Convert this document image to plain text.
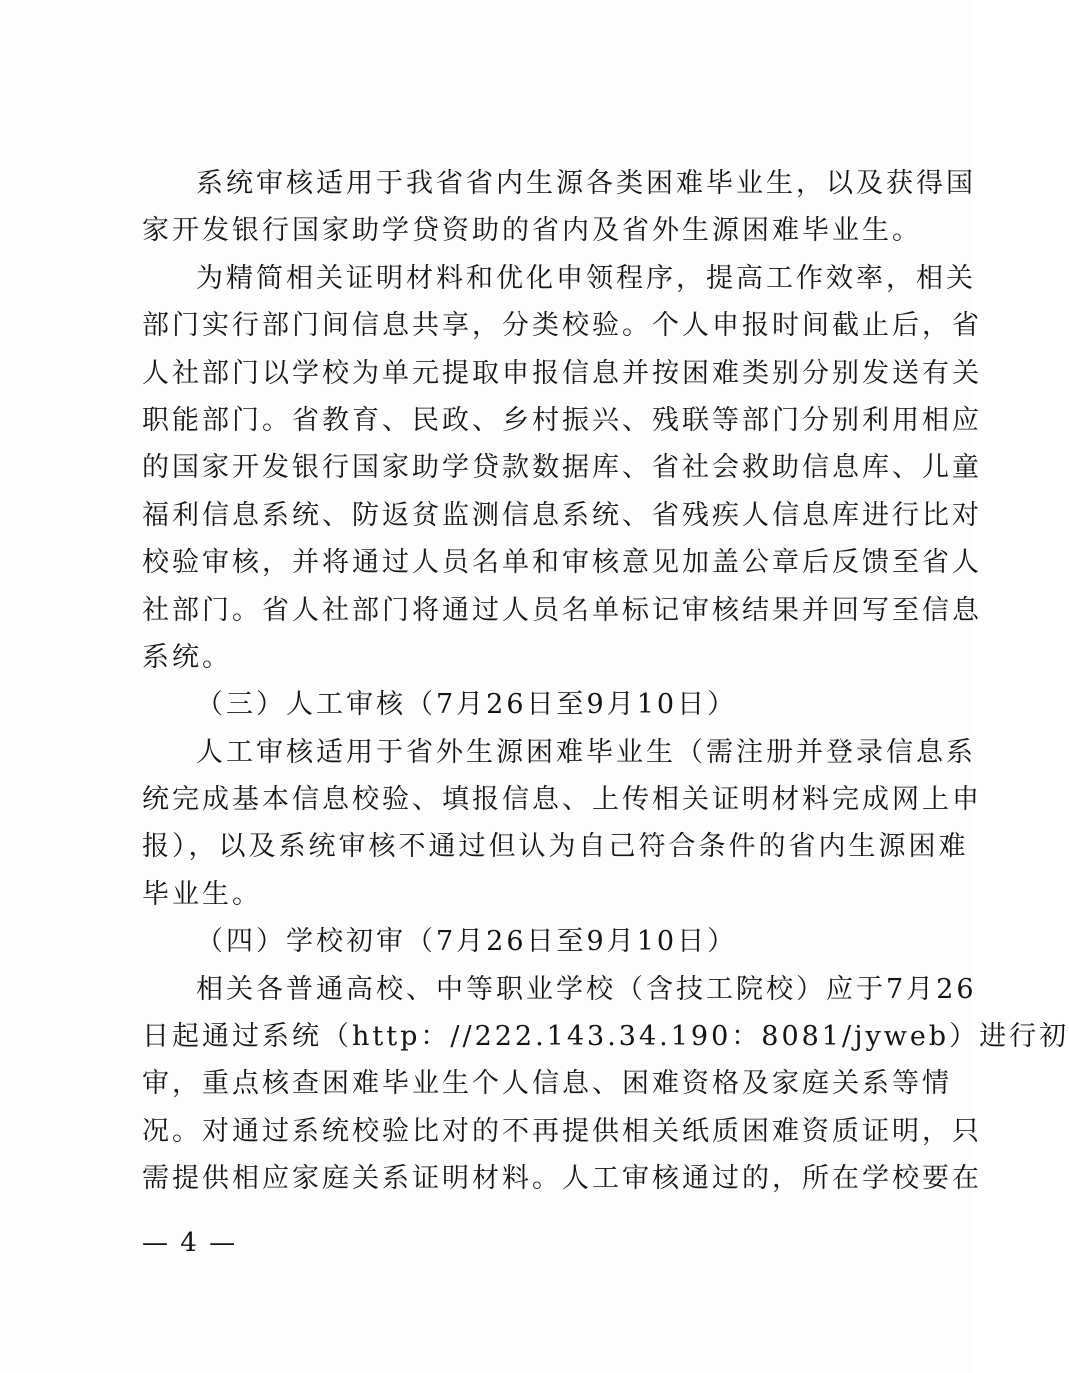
系统审核适用于我省省内生源各类困难毕业生，以及获得国
家开发银行国家助学贷资助的省内及省外生源困难毕业生。
为精简相关证明材料和优化申领程序，提高工作效率，相关
部门实行部门间信息共享，分类校验。个人申报时间截止后，省
人社部门以学校为单元提取申报信息并按困难类别分别发送有关
职能部门。省教育、民政、乡村振兴、残联等部门分别利用相应
的国家开发银行国家助学贷款数据库、省社会救助信息库、儿童
福利信息系统、防返贫监测信息系统、省残疾人信息库进行比对
校验审核，并将通过人员名单和审核意见加盖公章后反馈至省人
社部门。省人社部门将通过人员名单标记审核结果并回写至信息
系统。
（三）人工审核（7月26日至9月10日）
人工审核适用于省外生源困难毕业生（需注册并登录信息系
统完成基本信息校验、填报信息、上传相关证明材料完成网上申
报），以及系统审核不通过但认为自己符合条件的省内生源困难
毕业生。
（四）学校初审（7月26日至9月10日）
相关各普通高校、中等职业学校（含技工院校）应于7月26
日起通过系统（http：//222.143.34.190：8081/jyweb）进行初
审，重点核查困难毕业生个人信息、困难资格及家庭关系等情
况。对通过系统校验比对的不再提供相关纸质困难资质证明，只
需提供相应家庭关系证明材料。人工审核通过的，所在学校要在
— 4 —
